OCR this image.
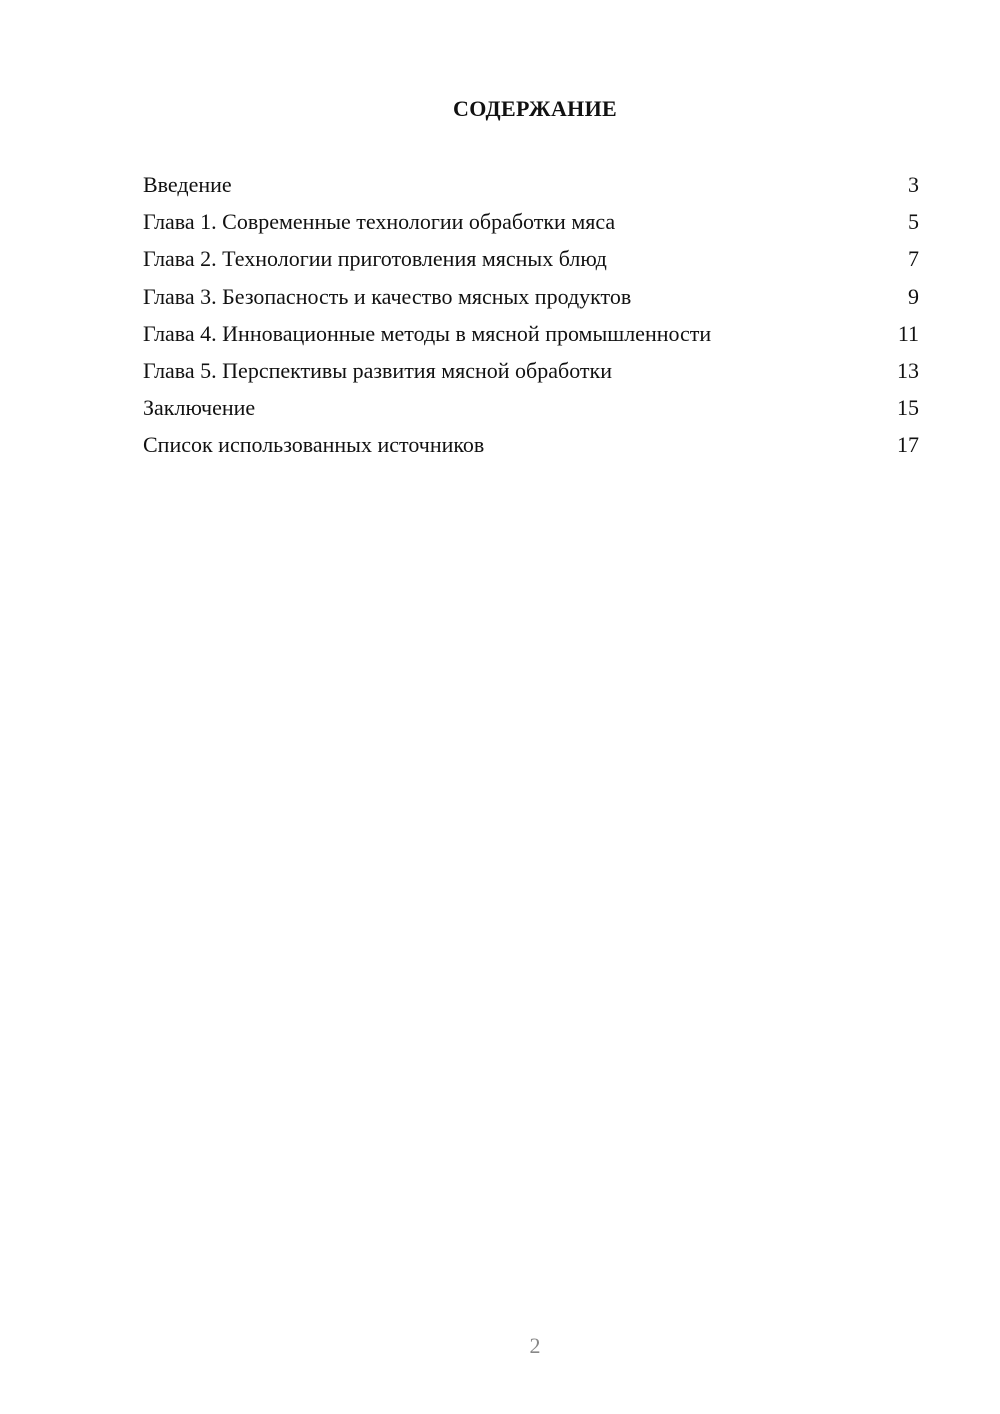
СОДЕРЖАНИЕ
Введение	3
Глава 1. Современные технологии обработки мяса	5
Глава 2. Технологии приготовления мясных блюд	7
Глава 3. Безопасность и качество мясных продуктов	9
Глава 4. Инновационные методы в мясной промышленности	11
Глава 5. Перспективы развития мясной обработки	13
Заключение	15
Список использованных источников	17
2
